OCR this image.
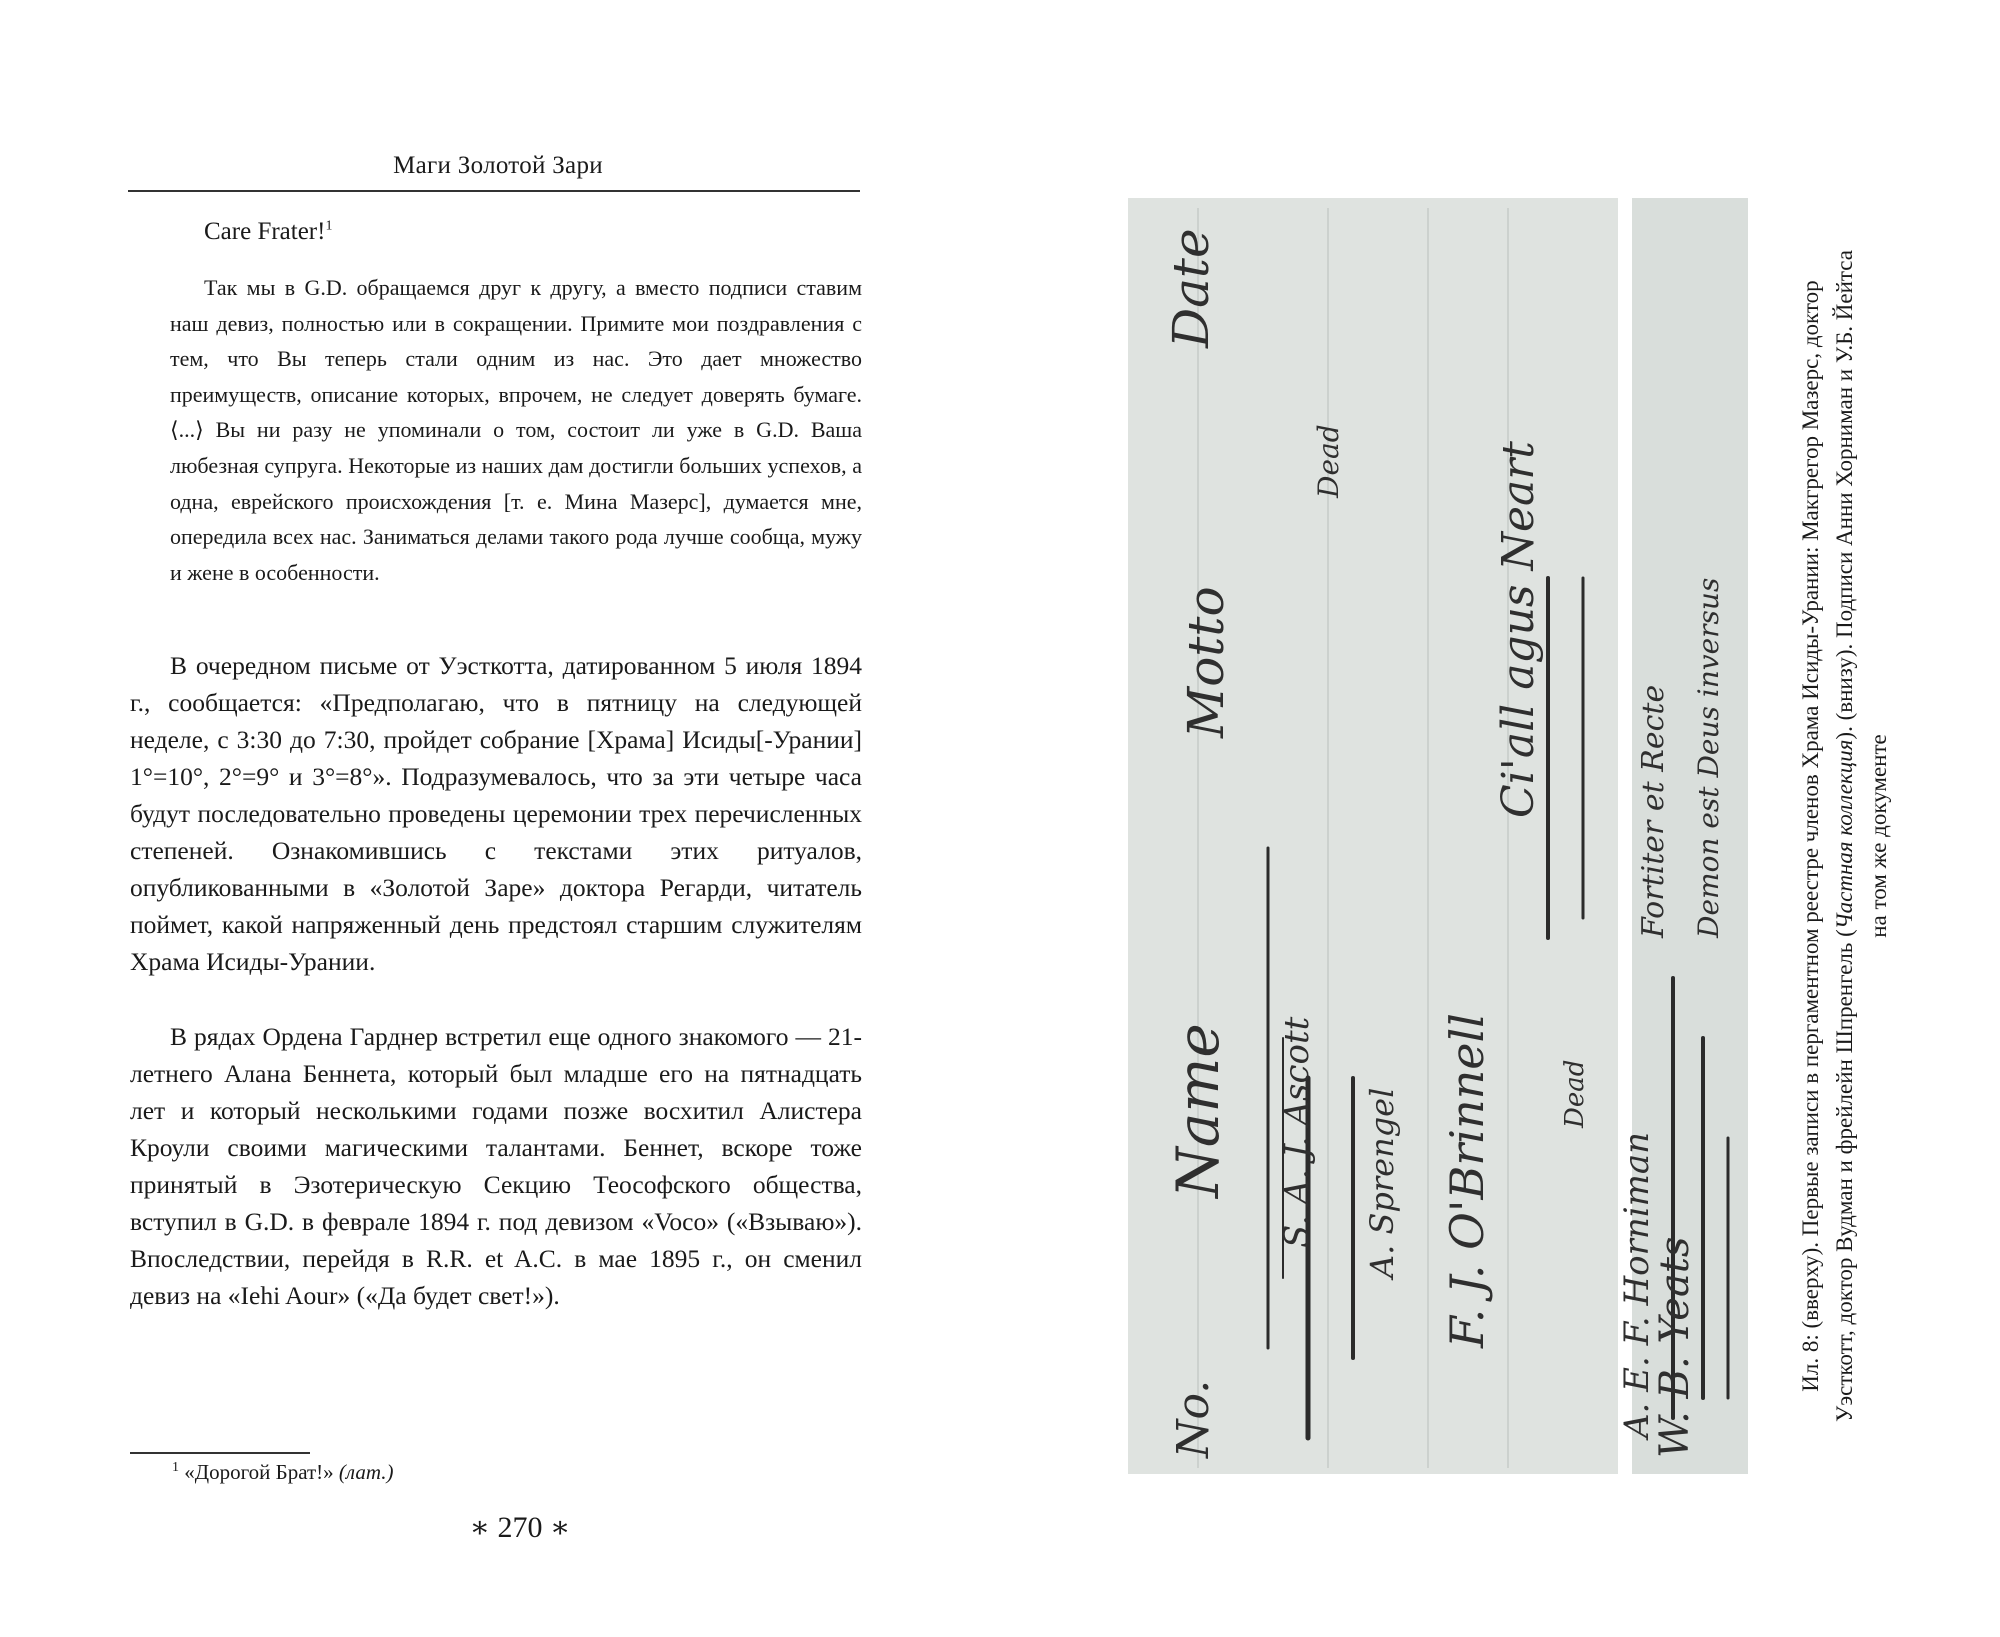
Маги Золотой Зари
Care Frater!$^1$

Так мы в G.D. обращаемся друг к другу, а вместо подписи ставим наш девиз, полностью или в сокращении. Примите мои поздравления с тем, что Вы теперь стали одним из нас. Это дает множество преимуществ, описание которых, впрочем, не следует доверять бумаге. ⟨...⟩ Вы ни разу не упоминали о том, состоит ли уже в G.D. Ваша любезная супруга. Некоторые из наших дам достигли больших успехов, а одна, еврейского происхождения [т. е. Мина Мазерс], думается мне, опередила всех нас. Заниматься делами такого рода лучше сообща, мужу и жене в особенности.

В очередном письме от Уэсткотта, датированном 5 июля 1894 г., сообщается: «Предполагаю, что в пятницу на следующей неделе, с 3:30 до 7:30, пройдет собрание [Храма] Исиды[-Урании] 1°=10°, 2°=9° и 3°=8°». Подразумевалось, что за эти четыре часа будут последовательно проведены церемонии трех перечисленных степеней. Ознакомившись с текстами этих ритуалов, опубликованными в «Золотой Заре» доктора Регарди, читатель поймет, какой напряженный день предстоял старшим служителям Храма Исиды-Урании.

В рядах Ордена Гарднер встретил еще одного знакомого — 21-летнего Алана Беннета, который был младше его на пятнадцать лет и который несколькими годами позже восхитил Алистера Кроули своими магическими талантами. Беннет, вскоре тоже принятый в Эзотерическую Секцию Теософского общества, вступил в G.D. в феврале 1894 г. под девизом «Voco» («Взываю»). Впоследствии, перейдя в R.R. et A.C. в мае 1895 г., он сменил девиз на «Iehi Aour» («Да будет свет!»).

$^1$ «Дорогой Брат!» (лат.)
∗ 270 ∗
No.
Name
Motto
Date
S. A. J. Ascott A. Sprengel F. J. O'Brinnell
Ci'all agus Neart
Dead
Dead
W. B. Yeats
A. E. F. Horniman
Fortiter et Recte Demon est Deus inversus	Ил. 8: (вверху). Первые записи в пергаментном реестре членов Храма Исиды-Урании: Макгрегор Мазерс, доктор Уэсткотт, доктор Вудман и фрейлейн Шпренгель (Частная коллекция). (внизу). Подписи Анни Хорниман и У.Б. Йейтса на том же документе
